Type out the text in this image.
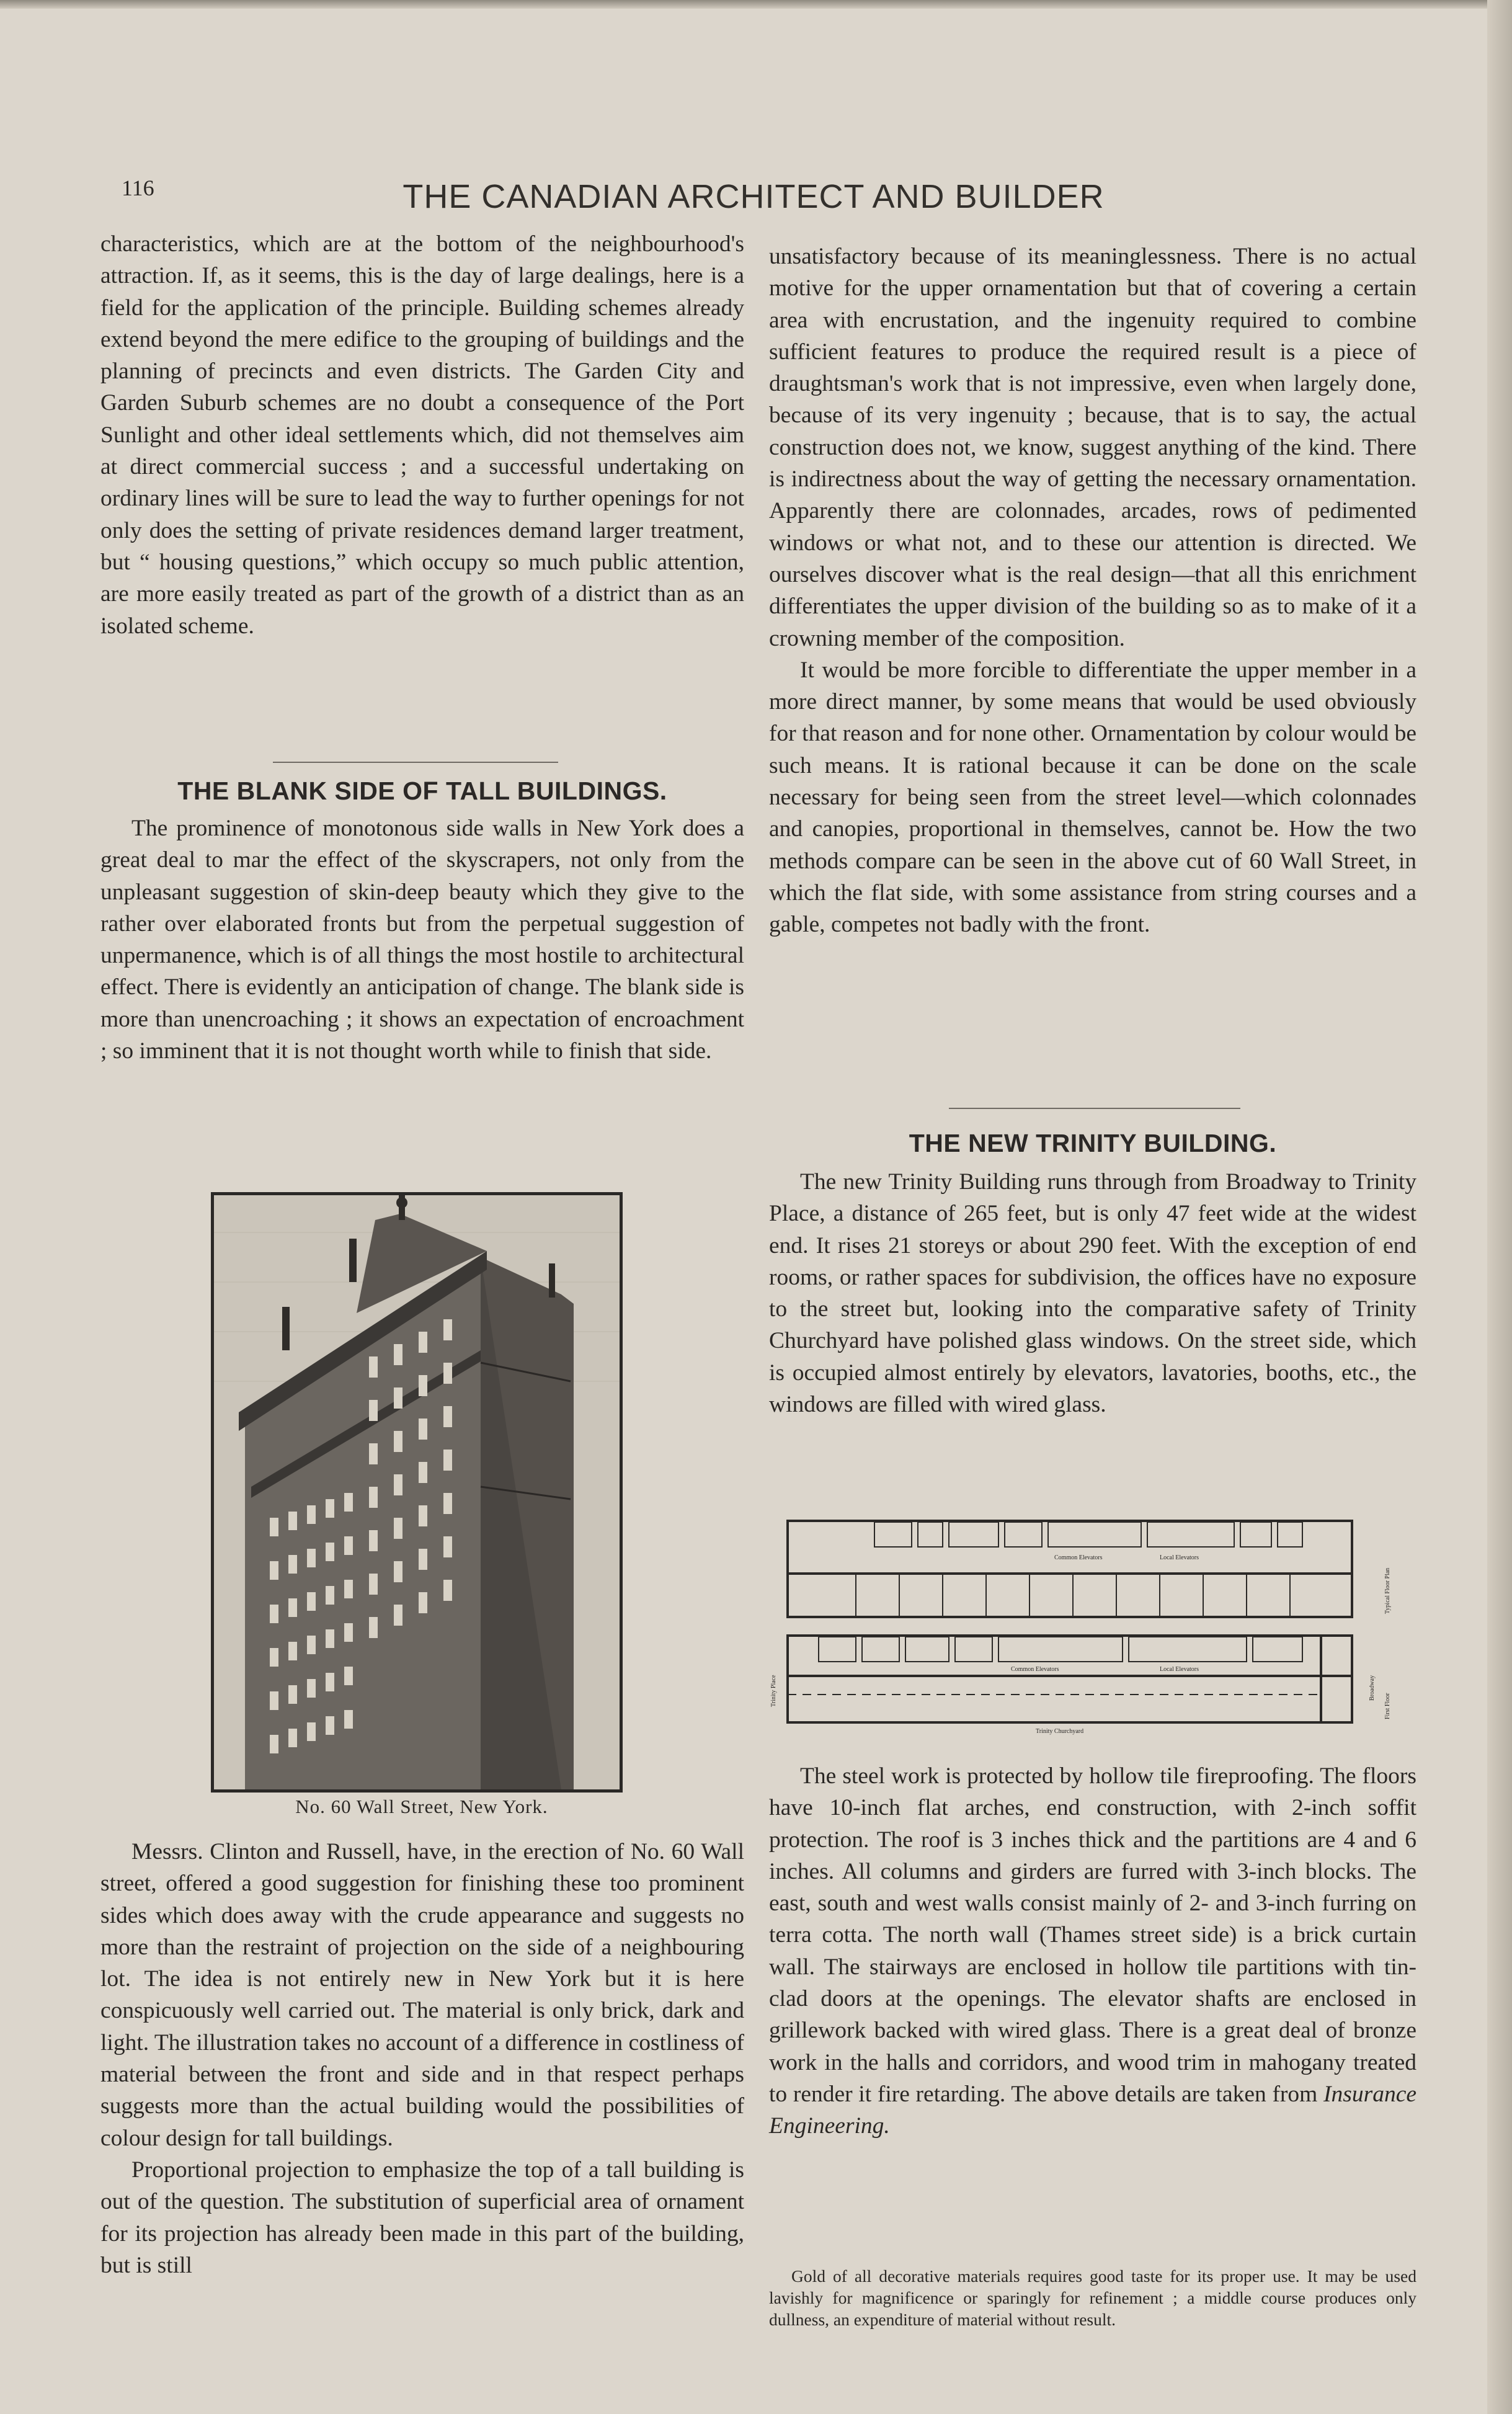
116	THE CANADIAN ARCHITECT AND BUILDER

characteristics, which are at the bottom of the neighbourhood's attraction. If, as it seems, this is the day of large dealings, here is a field for the application of the principle. Building schemes already extend beyond the mere edifice to the grouping of buildings and the planning of precincts and even districts. The Garden City and Garden Suburb schemes are no doubt a consequence of the Port Sunlight and other ideal settlements which, did not themselves aim at direct commercial success ; and a successful undertaking on ordinary lines will be sure to lead the way to further openings for not only does the setting of private residences demand larger treatment, but “ housing questions,” which occupy so much public attention, are more easily treated as part of the growth of a district than as an isolated scheme.

THE BLANK SIDE OF TALL BUILDINGS.

The prominence of monotonous side walls in New York does a great deal to mar the effect of the skyscrapers, not only from the unpleasant suggestion of skin-deep beauty which they give to the rather over elaborated fronts but from the perpetual suggestion of unpermanence, which is of all things the most hostile to architectural effect. There is evidently an anticipation of change. The blank side is more than unencroaching ; it shows an expectation of encroachment ; so imminent that it is not thought worth while to finish that side.

No. 60 Wall Street, New York.

Messrs. Clinton and Russell, have, in the erection of No. 60 Wall street, offered a good suggestion for finishing these too prominent sides which does away with the crude appearance and suggests no more than the restraint of projection on the side of a neighbouring lot. The idea is not entirely new in New York but it is here conspicuously well carried out. The material is only brick, dark and light. The illustration takes no account of a difference in costliness of material between the front and side and in that respect perhaps suggests more than the actual building would the possibilities of colour design for tall buildings.

Proportional projection to emphasize the top of a tall building is out of the question. The substitution of superficial area of ornament for its projection has already been made in this part of the building, but is still

unsatisfactory because of its meaninglessness. There is no actual motive for the upper ornamentation but that of covering a certain area with encrustation, and the ingenuity required to combine sufficient features to produce the required result is a piece of draughtsman's work that is not impressive, even when largely done, because of its very ingenuity ; because, that is to say, the actual construction does not, we know, suggest anything of the kind. There is indirectness about the way of getting the necessary ornamentation. Apparently there are colonnades, arcades, rows of pedimented windows or what not, and to these our attention is directed. We ourselves discover what is the real design—that all this enrichment differentiates the upper division of the building so as to make of it a crowning member of the composition.

It would be more forcible to differentiate the upper member in a more direct manner, by some means that would be used obviously for that reason and for none other. Ornamentation by colour would be such means. It is rational because it can be done on the scale necessary for being seen from the street level—which colonnades and canopies, proportional in themselves, cannot be. How the two methods compare can be seen in the above cut of 60 Wall Street, in which the flat side, with some assistance from string courses and a gable, competes not badly with the front.

THE NEW TRINITY BUILDING.

The new Trinity Building runs through from Broadway to Trinity Place, a distance of 265 feet, but is only 47 feet wide at the widest end. It rises 21 storeys or about 290 feet. With the exception of end rooms, or rather spaces for subdivision, the offices have no exposure to the street but, looking into the comparative safety of Trinity Churchyard have polished glass windows. On the street side, which is occupied almost entirely by elevators, lavatories, booths, etc., the windows are filled with wired glass.

Common Elevators	Local Elevators
Typical Floor Plan
Common Elevators	Local Elevators
Trinity Churchyard
Trinity Place	Broadway
First Floor

The steel work is protected by hollow tile fireproofing. The floors have 10-inch flat arches, end construction, with 2-inch soffit protection. The roof is 3 inches thick and the partitions are 4 and 6 inches. All columns and girders are furred with 3-inch blocks. The east, south and west walls consist mainly of 2- and 3-inch furring on terra cotta. The north wall (Thames street side) is a brick curtain wall. The stairways are enclosed in hollow tile partitions with tin-clad doors at the openings. The elevator shafts are enclosed in grillework backed with wired glass. There is a great deal of bronze work in the halls and corridors, and wood trim in mahogany treated to render it fire retarding. The above details are taken from Insurance Engineering.

Gold of all decorative materials requires good taste for its proper use. It may be used lavishly for magnificence or sparingly for refinement ; a middle course produces only dullness, an expenditure of material without result.
